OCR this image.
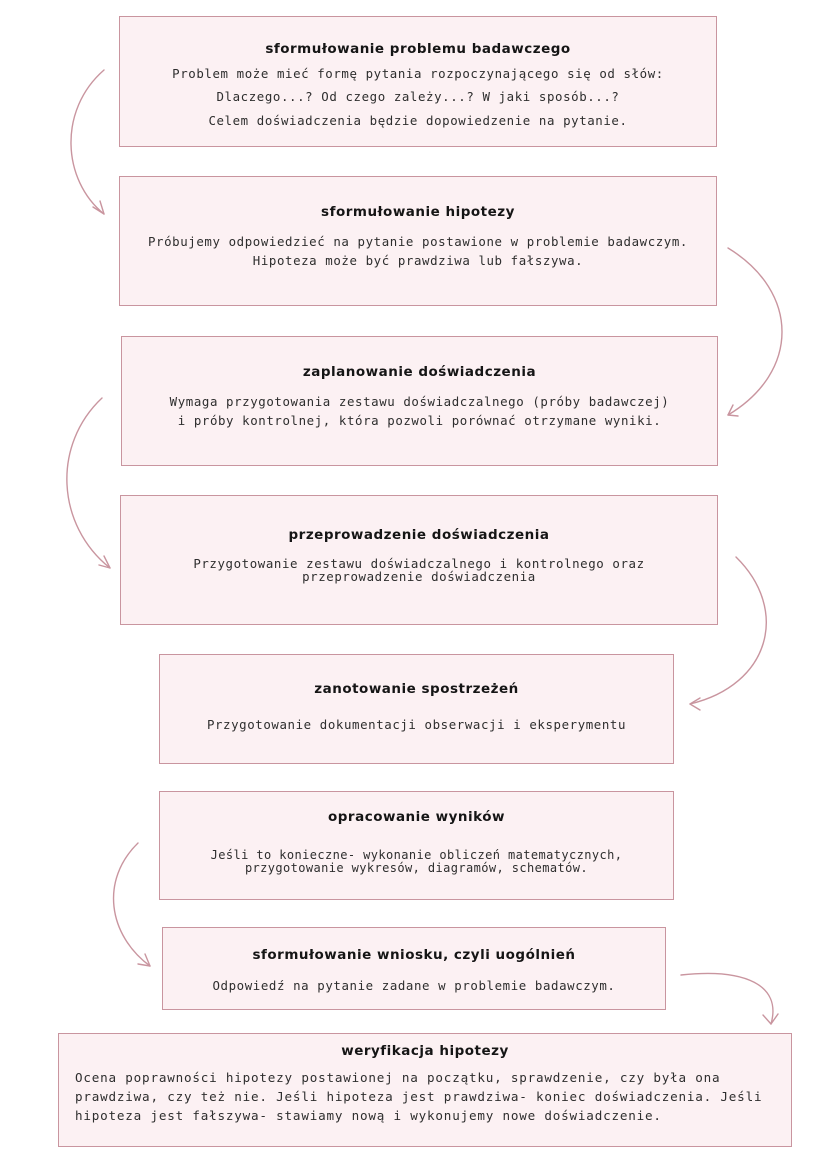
sformułowanie problemu badawczego

Problem może mieć formę pytania rozpoczynającego się od słów:

Dlaczego...? Od czego zależy...? W jaki sposób...?

Celem doświadczenia będzie dopowiedzenie na pytanie.

sformułowanie hipotezy

Próbujemy odpowiedzieć na pytanie postawione w problemie badawczym.

Hipoteza może być prawdziwa lub fałszywa.

zaplanowanie doświadczenia

Wymaga przygotowania zestawu doświadczalnego (próby badawczej)

i próby kontrolnej, która pozwoli porównać otrzymane wyniki.

przeprowadzenie doświadczenia

Przygotowanie zestawu doświadczalnego i kontrolnego oraz

przeprowadzenie doświadczenia

zanotowanie spostrzeżeń

Przygotowanie dokumentacji obserwacji i eksperymentu

opracowanie wyników

Jeśli to konieczne- wykonanie obliczeń matematycznych,

przygotowanie wykresów, diagramów, schematów.

sformułowanie wniosku, czyli uogólnień

Odpowiedź na pytanie zadane w problemie badawczym.

weryfikacja hipotezy

Ocena poprawności hipotezy postawionej na początku, sprawdzenie, czy była ona prawdziwa, czy też nie. Jeśli hipoteza jest prawdziwa- koniec doświadczenia. Jeśli hipoteza jest fałszywa- stawiamy nową i wykonujemy nowe doświadczenie.
